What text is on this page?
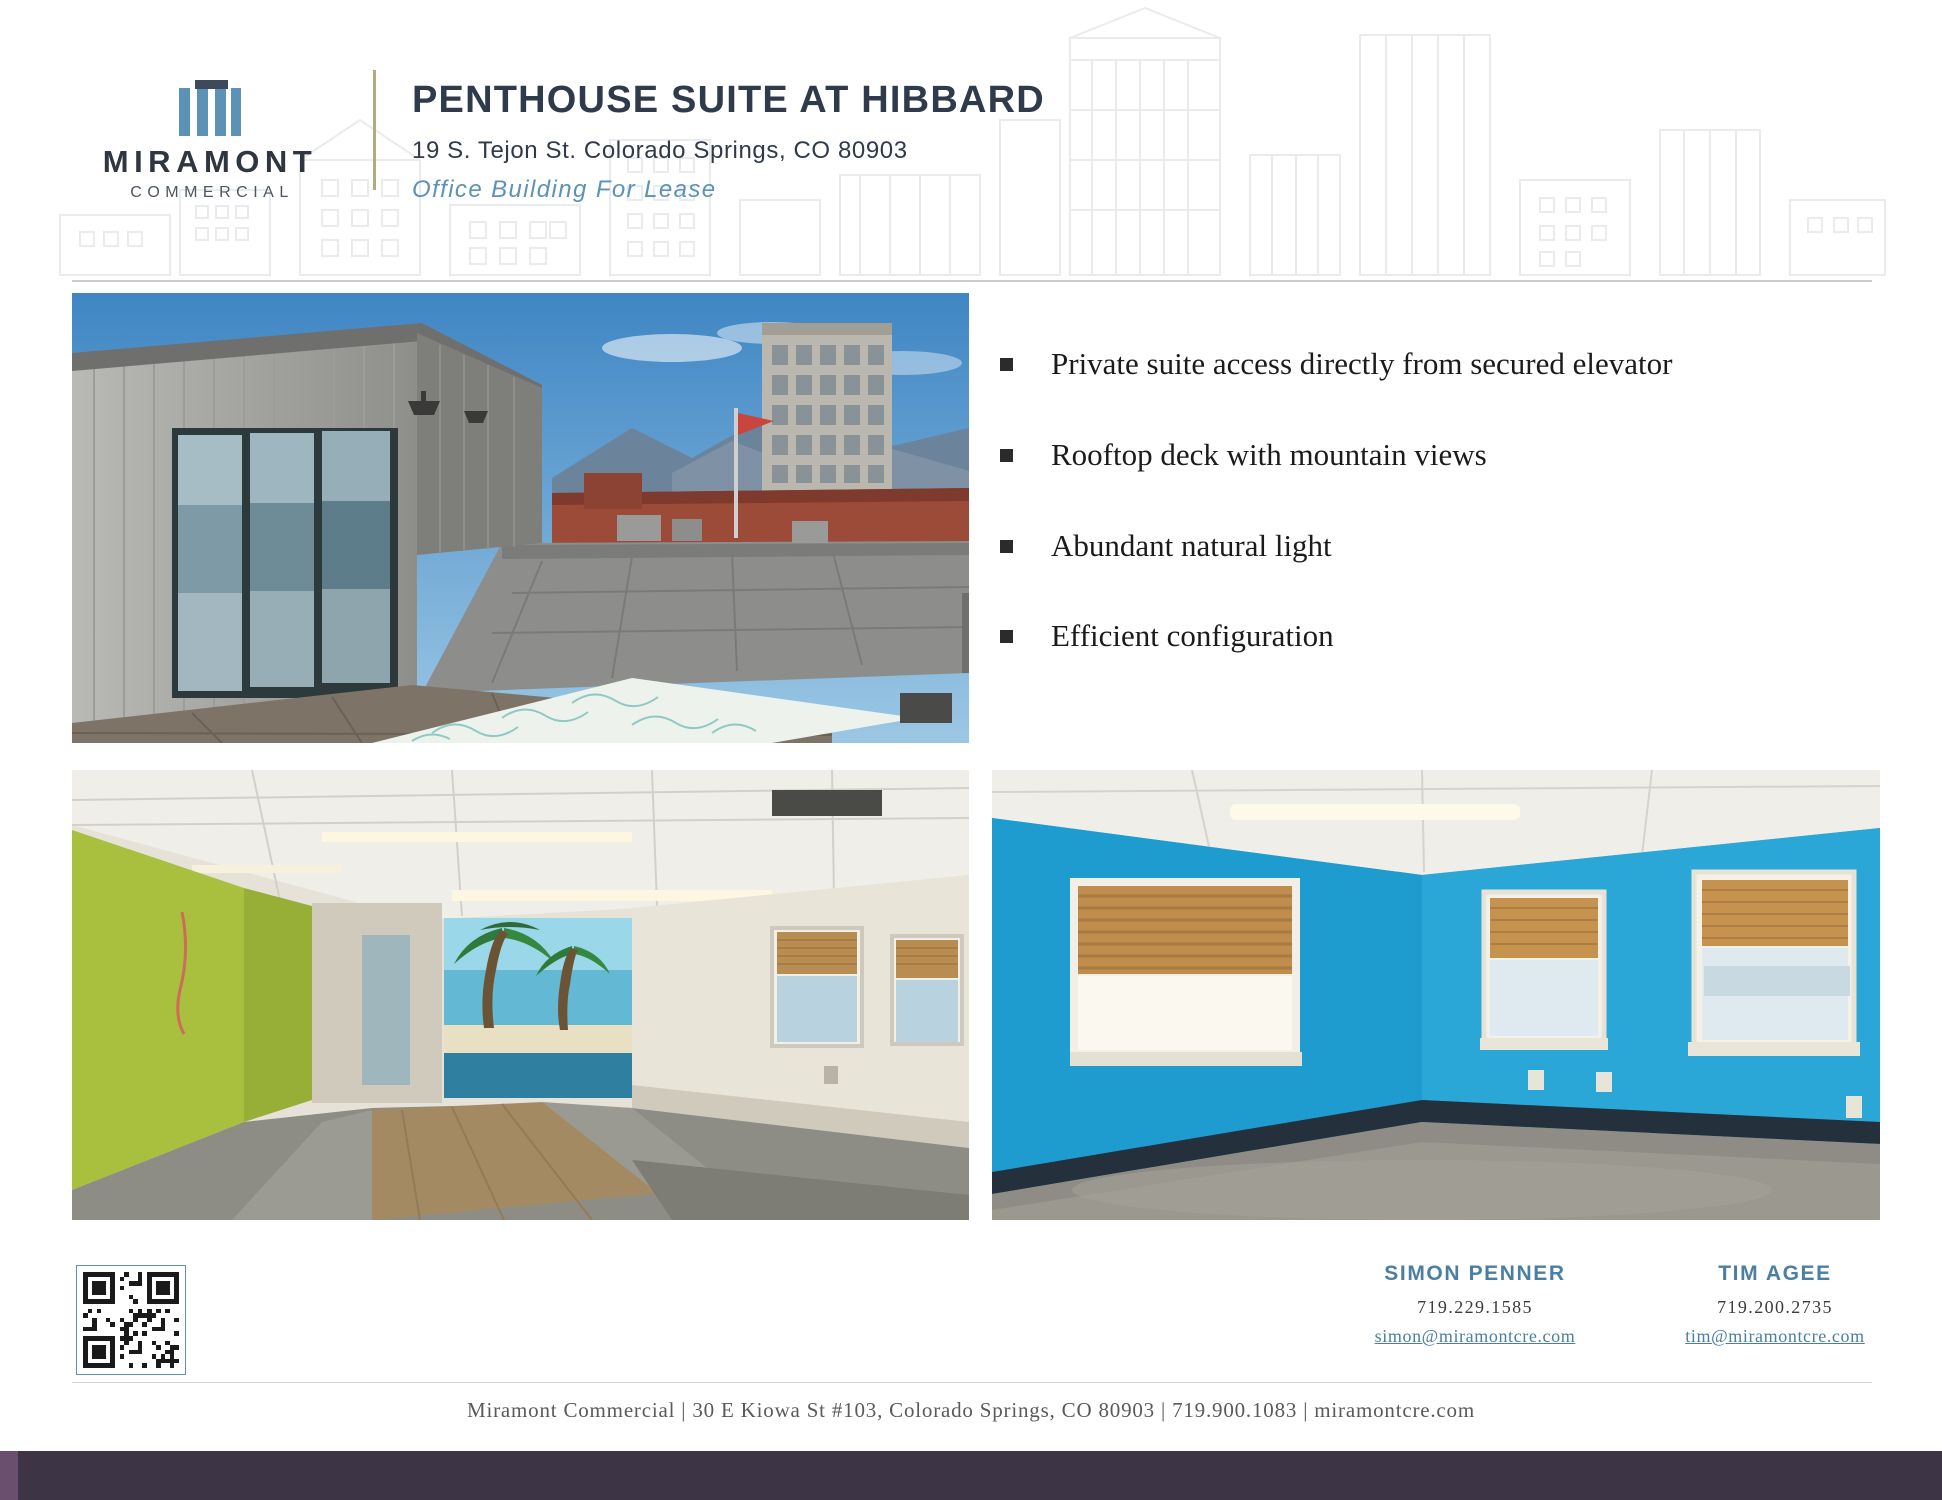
MIRAMONT
COMMERCIAL
PENTHOUSE SUITE AT HIBBARD
19 S. Tejon St. Colorado Springs, CO 80903
Office Building For Lease
Private suite access directly from secured elevator
Rooftop deck with mountain views
Abundant natural light
Efficient configuration
SIMON PENNER
719.229.1585
simon@miramontcre.com
TIM AGEE
719.200.2735
tim@miramontcre.com
Miramont Commercial | 30 E Kiowa St #103, Colorado Springs, CO 80903 | 719.900.1083 | miramontcre.com
